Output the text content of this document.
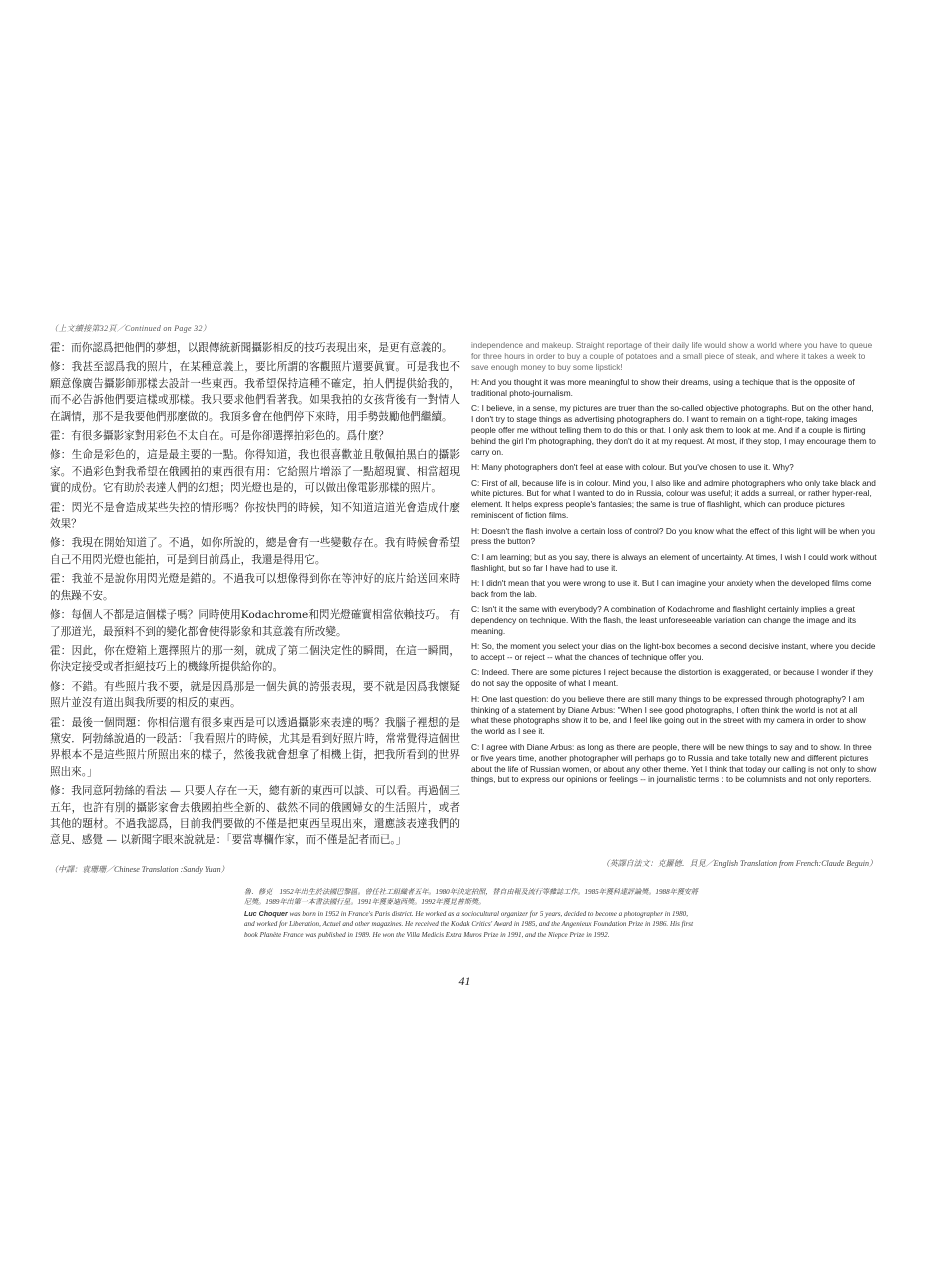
（上文續接第32頁／Continued on Page 32）

霍：而你認爲把他們的夢想，以跟傳統新聞攝影相反的技巧表現出來，是更有意義的。

修：我甚至認爲我的照片，在某種意義上，要比所謂的客觀照片還要眞實。可是我也不願意像廣告攝影師那樣去設計一些東西。我希望保持這種不確定，拍人們提供給我的，而不必告訴他們要這樣或那樣。我只要求他們看著我。如果我拍的女孩背後有一對情人在調情，那不是我要他們那麼做的。我頂多會在他們停下來時，用手勢鼓勵他們繼續。

霍：有很多攝影家對用彩色不太自在。可是你卻選擇拍彩色的。爲什麼？

修：生命是彩色的，這是最主要的一點。你得知道，我也很喜歡並且敬佩拍黑白的攝影家。不過彩色對我希望在俄國拍的東西很有用：它給照片增添了一點超現實、相當超現實的成份。它有助於表達人們的幻想；閃光燈也是的，可以做出像電影那樣的照片。

霍：閃光不是會造成某些失控的情形嗎？你按快門的時候，知不知道這道光會造成什麼效果？

修：我現在開始知道了。不過，如你所說的，總是會有一些變數存在。我有時候會希望自己不用閃光燈也能拍，可是到目前爲止，我還是得用它。

霍：我並不是說你用閃光燈是錯的。不過我可以想像得到你在等沖好的底片給送回來時的焦躁不安。

修：每個人不都是這個樣子嗎？同時使用Kodachrome和閃光燈確實相當依賴技巧。 有了那道光，最預料不到的變化都會使得影象和其意義有所改變。

霍：因此，你在燈箱上選擇照片的那一刻，就成了第二個決定性的瞬間，在這一瞬間，你決定接受或者拒絕技巧上的機緣所提供給你的。

修：不錯。有些照片我不要，就是因爲那是一個失眞的誇張表現，要不就是因爲我懷疑照片並沒有道出與我所要的相反的東西。

霍：最後一個問題：你相信還有很多東西是可以透過攝影來表達的嗎？我腦子裡想的是黛安．阿勃絲說過的一段話：「我看照片的時候，尤其是看到好照片時，常常覺得這個世界根本不是這些照片所照出來的樣子，然後我就會想拿了相機上街，把我所看到的世界照出來。」

修：我同意阿勃絲的看法 — 只要人存在一天，總有新的東西可以談、可以看。再過個三五年，也許有別的攝影家會去俄國拍些全新的、截然不同的俄國婦女的生活照片，或者其他的題材。不過我認爲，目前我們要做的不僅是把東西呈現出來，還應該表達我們的意見、感覺 — 以新聞字眼來說就是：「要當專欄作家，而不僅是記者而已。」

independence and makeup. Straight reportage of their daily life would show a world where you have to queue for three hours in order to buy a couple of potatoes and a small piece of steak, and where it takes a week to save enough money to buy some lipstick!

H: And you thought it was more meaningful to show their dreams, using a techique that is the opposite of traditional photo-journalism.

C: I believe, in a sense, my pictures are truer than the so-called objective photographs. But on the other hand, I don't try to stage things as advertising photographers do. I want to remain on a tight-rope, taking images people offer me without telling them to do this or that. I only ask them to look at me. And if a couple is flirting behind the girl I'm photographing, they don't do it at my request. At most, if they stop, I may encourage them to carry on.

H: Many photographers don't feel at ease with colour. But you've chosen to use it. Why?

C: First of all, because life is in colour. Mind you, I also like and admire photographers who only take black and white pictures. But for what I wanted to do in Russia, colour was useful; it adds a surreal, or rather hyper-real, element. It helps express people's fantasies; the same is true of flashlight, which can produce pictures reminiscent of fiction films.

H: Doesn't the flash involve a certain loss of control? Do you know what the effect of this light will be when you press the button?

C: I am learning; but as you say, there is always an element of uncertainty. At times, I wish I could work without flashlight, but so far I have had to use it.

H: I didn't mean that you were wrong to use it. But I can imagine your anxiety when the developed films come back from the lab.

C: Isn't it the same with everybody? A combination of Kodachrome and flashlight certainly implies a great dependency on technique. With the flash, the least unforeseeable variation can change the image and its meaning.

H: So, the moment you select your dias on the light-box becomes a second decisive instant, where you decide to accept -- or reject -- what the chances of technique offer you.

C: Indeed. There are some pictures I reject because the distortion is exaggerated, or because I wonder if they do not say the opposite of what I meant.

H: One last question: do you believe there are still many things to be expressed through photography? I am thinking of a statement by Diane Arbus: "When I see good photographs, I often think the world is not at all what these photographs show it to be, and I feel like going out in the street with my camera in order to show the world as I see it.

C: I agree with Diane Arbus: as long as there are people, there will be new things to say and to show. In three or five years time, another photographer will perhaps go to Russia and take totally new and different pictures about the life of Russian women, or about any other theme. Yet I think that today our calling is not only to show things, but to express our opinions or feelings -- in journalistic terms : to be columnists and not only reporters.

（中譯：袁珊珊／Chinese Translation :Sandy Yuan）
（英譯自法文：克羅德．貝見／English Translation from French:Claude Beguin）

魯．修克　1952年出生於法國巴黎區。曾任社工組織者五年。1980年決定拍照，替自由報及流行等雜誌工作。1985年獲科達評論獎。1988年獲安將尼獎。1989年出第一本書法國行星。1991年獲麥迪西獎。1992年獲見普斯獎。

Luc Choquer was born in 1952 in France's Paris district. He worked as a sociocultural organizer for 5 years, decided to become a photographer in 1980, and worked for Liberation, Actuel and other magazines. He received the Kodak Critics' Award in 1985, and the Angenieux Foundation Prize in 1986. His first book Planète France was published in 1989. He won the Villa Medicis Extra Muros Prize in 1991, and the Niepce Prize in 1992.

41
